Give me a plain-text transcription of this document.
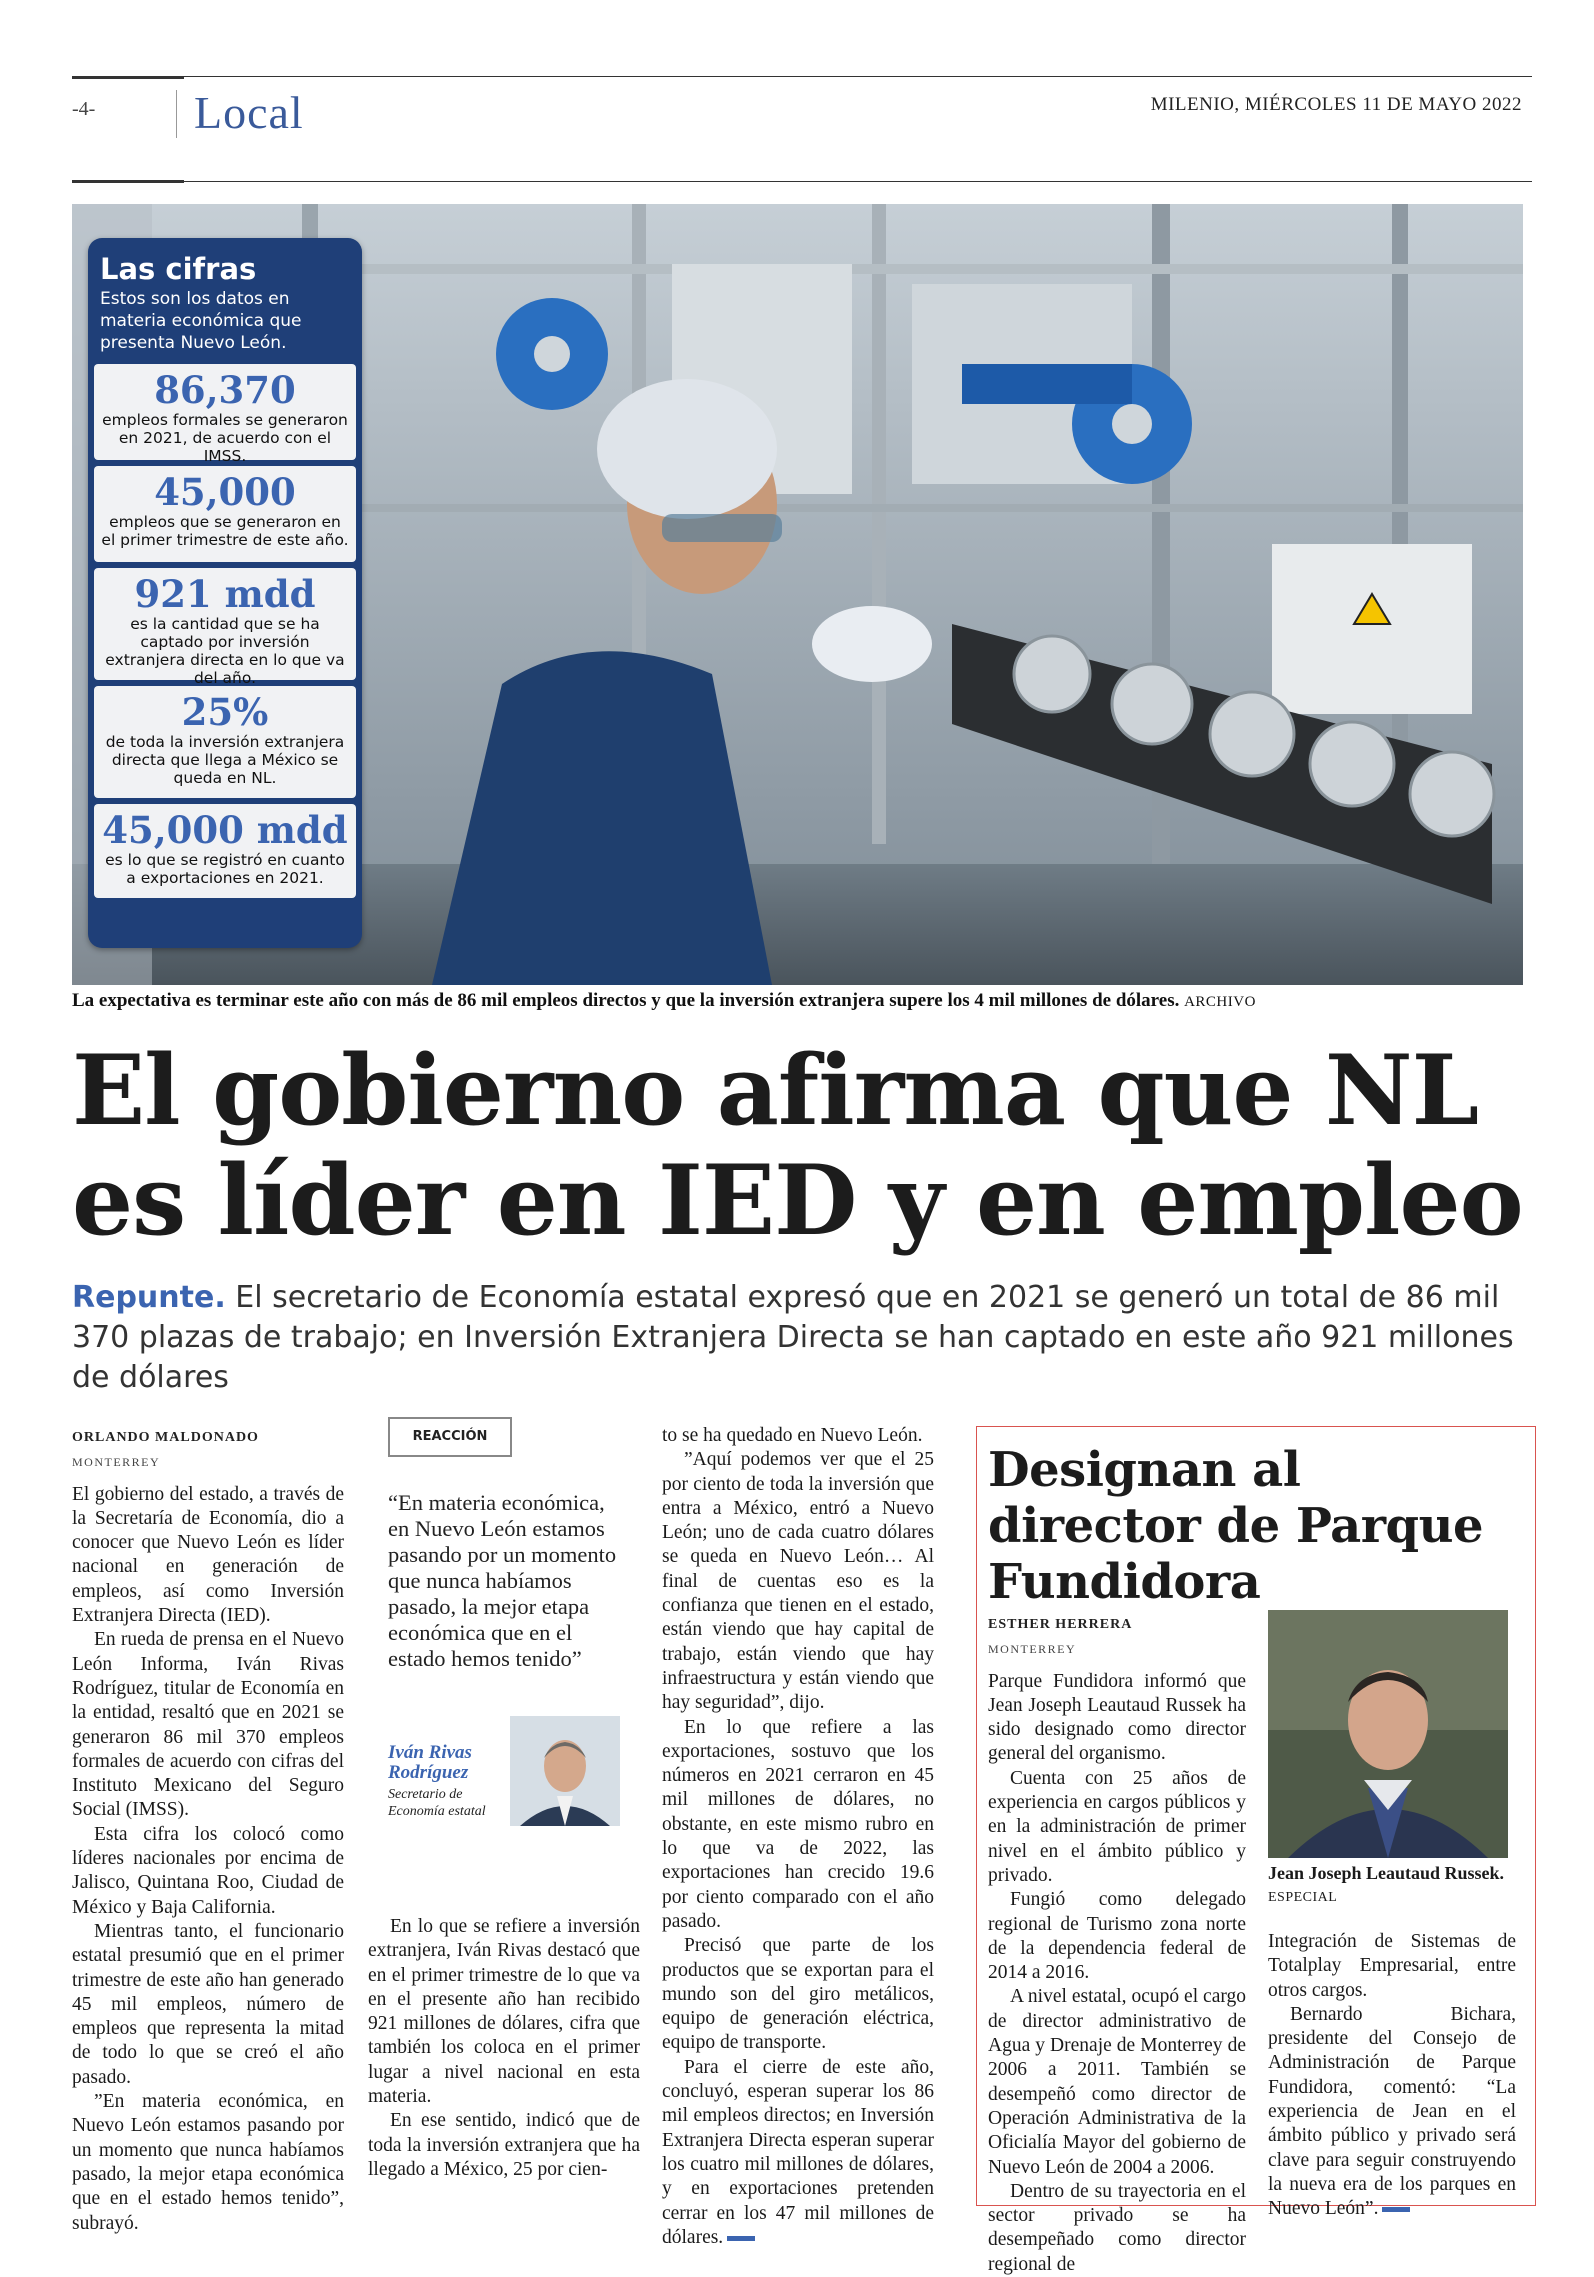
-4- Local	MILENIO, MIÉRCOLES 11 DE MAYO 2022
Las cifras
Estos son los datos en materia económica que presenta Nuevo León.
86,370
empleos formales se generaron en 2021, de acuerdo con el IMSS.
45,000
empleos que se generaron en el primer trimestre de este año.
921 mdd
es la cantidad que se ha captado por inversión extranjera directa en lo que va del año.
25%
de toda la inversión extranjera directa que llega a México se queda en NL.
45,000 mdd
es lo que se registró en cuanto a exportaciones en 2021.
La expectativa es terminar este año con más de 86 mil empleos directos y que la inversión extranjera supere los 4 mil millones de dólares. ARCHIVO
El gobierno afirma que NL es líder en IED y en empleo
Repunte. El secretario de Economía estatal expresó que en 2021 se generó un total de 86 mil 370 plazas de trabajo; en Inversión Extranjera Directa se han captado en este año 921 millones de dólares
ORLANDO MALDONADO
MONTERREY

El gobierno del estado, a través de la Secretaría de Economía, dio a conocer que Nuevo León es líder nacional en generación de empleos, así como Inversión Extranjera Directa (IED).

En rueda de prensa en el Nuevo León Informa, Iván Rivas Rodríguez, titular de Economía en la entidad, resaltó que en 2021 se generaron 86 mil 370 empleos formales de acuerdo con cifras del Instituto Mexicano del Seguro Social (IMSS).

Esta cifra los colocó como líderes nacionales por encima de Jalisco, Quintana Roo, Ciudad de México y Baja California.

Mientras tanto, el funcionario estatal presumió que en el primer trimestre de este año han generado 45 mil empleos, número de empleos que representa la mitad de todo lo que se creó el año pasado.

”En materia económica, en Nuevo León estamos pasando por un momento que nunca habíamos pasado, la mejor etapa económica que en el estado hemos tenido”, subrayó.

REACCIÓN
“En materia económica, en Nuevo León estamos pasando por un momento que nunca habíamos pasado, la mejor etapa económica que en el estado hemos tenido”
Iván Rivas Rodríguez
Secretario de Economía estatal

En lo que se refiere a inversión extranjera, Iván Rivas destacó que en el primer trimestre de lo que va en el presente año han recibido 921 millones de dólares, cifra que también los coloca en el primer lugar a nivel nacional en esta materia.

En ese sentido, indicó que de toda la inversión extranjera que ha llegado a México, 25 por cien-

to se ha quedado en Nuevo León.

”Aquí podemos ver que el 25 por ciento de toda la inversión que entra a México, entró a Nuevo León; uno de cada cuatro dólares se queda en Nuevo León… Al final de cuentas eso es la confianza que tienen en el estado, están viendo que hay capital de trabajo, están viendo que hay infraestructura y están viendo que hay seguridad”, dijo.

En lo que refiere a las exportaciones, sostuvo que los números en 2021 cerraron en 45 mil millones de dólares, no obstante, en este mismo rubro en lo que va de 2022, las exportaciones han crecido 19.6 por ciento comparado con el año pasado.

Precisó que parte de los productos que se exportan para el mundo son del giro metálicos, equipo de generación eléctrica, equipo de transporte.

Para el cierre de este año, concluyó, esperan superar los 86 mil empleos directos; en Inversión Extranjera Directa esperan superar los cuatro mil millones de dólares, y en exportaciones pretenden cerrar en los 47 mil millones de dólares.

Designan al director de Parque Fundidora
ESTHER HERRERA
MONTERREY

Parque Fundidora informó que Jean Joseph Leautaud Russek ha sido designado como director general del organismo.

Cuenta con 25 años de experiencia en cargos públicos y en la administración de primer nivel en el ámbito público y privado.

Fungió como delegado regional de Turismo zona norte de la dependencia federal de 2014 a 2016.

A nivel estatal, ocupó el cargo de director administrativo de Agua y Drenaje de Monterrey de 2006 a 2011. También se desempeñó como director de Operación Administrativa de la Oficialía Mayor del gobierno de Nuevo León de 2004 a 2006.

Dentro de su trayectoria en el sector privado se ha desempeñado como director regional de

Jean Joseph Leautaud Russek. ESPECIAL

Integración de Sistemas de Totalplay Empresarial, entre otros cargos.

Bernardo Bichara, presidente del Consejo de Administración de Parque Fundidora, comentó: “La experiencia de Jean en el ámbito público y privado será clave para seguir construyendo la nueva era de los parques en Nuevo León”.
